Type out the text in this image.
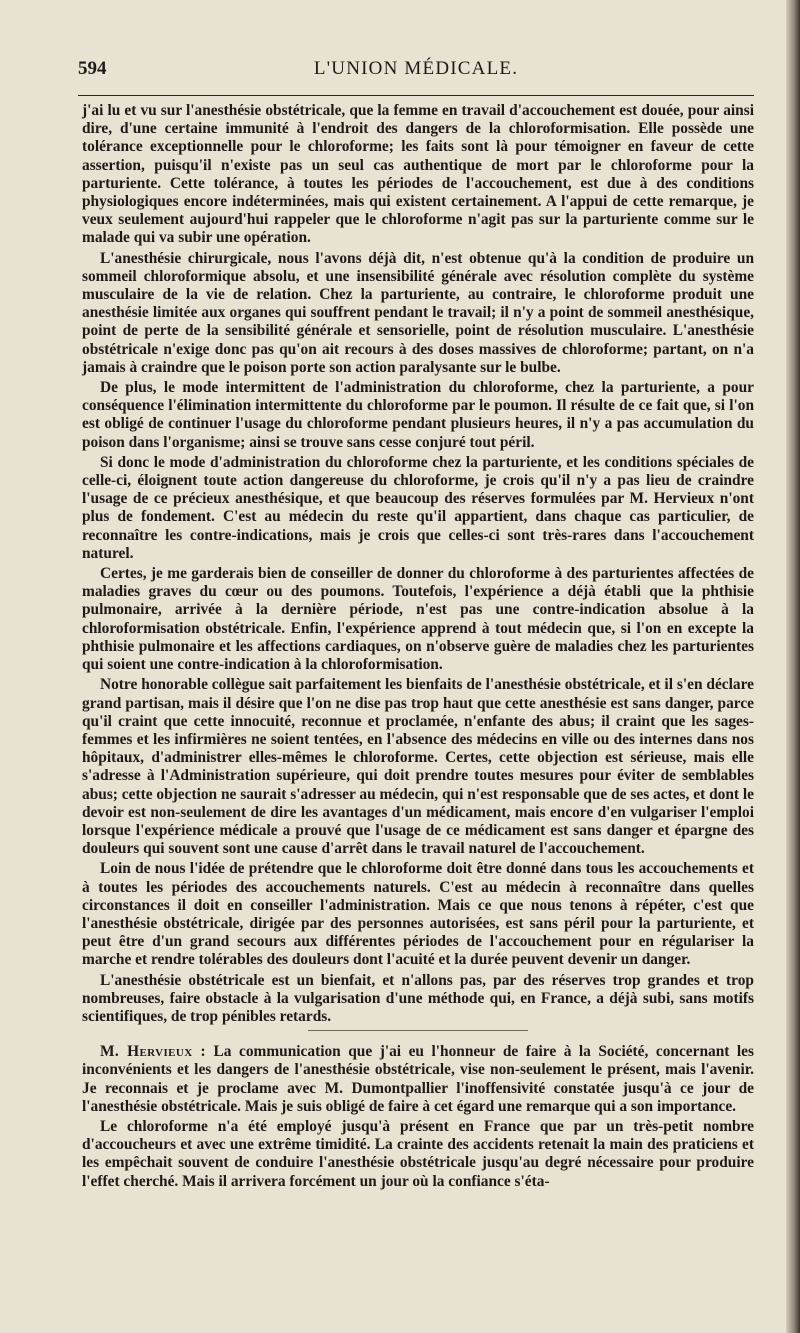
594	L'UNION MÉDICALE.

j'ai lu et vu sur l'anesthésie obstétricale, que la femme en travail d'accouchement est douée, pour ainsi dire, d'une certaine immunité à l'endroit des dangers de la chloroformisation. Elle possède une tolérance exceptionnelle pour le chloroforme; les faits sont là pour témoigner en faveur de cette assertion, puisqu'il n'existe pas un seul cas authentique de mort par le chloroforme pour la parturiente. Cette tolérance, à toutes les périodes de l'accouchement, est due à des conditions physiologiques encore indéterminées, mais qui existent certainement. A l'appui de cette remarque, je veux seulement aujourd'hui rappeler que le chloroforme n'agit pas sur la parturiente comme sur le malade qui va subir une opération.

L'anesthésie chirurgicale, nous l'avons déjà dit, n'est obtenue qu'à la condition de produire un sommeil chloroformique absolu, et une insensibilité générale avec résolution complète du système musculaire de la vie de relation. Chez la parturiente, au contraire, le chloroforme produit une anesthésie limitée aux organes qui souffrent pendant le travail; il n'y a point de sommeil anesthésique, point de perte de la sensibilité générale et sensorielle, point de résolution musculaire. L'anesthésie obstétricale n'exige donc pas qu'on ait recours à des doses massives de chloroforme; partant, on n'a jamais à craindre que le poison porte son action paralysante sur le bulbe.

De plus, le mode intermittent de l'administration du chloroforme, chez la parturiente, a pour conséquence l'élimination intermittente du chloroforme par le poumon. Il résulte de ce fait que, si l'on est obligé de continuer l'usage du chloroforme pendant plusieurs heures, il n'y a pas accumulation du poison dans l'organisme; ainsi se trouve sans cesse conjuré tout péril.

Si donc le mode d'administration du chloroforme chez la parturiente, et les conditions spéciales de celle-ci, éloignent toute action dangereuse du chloroforme, je crois qu'il n'y a pas lieu de craindre l'usage de ce précieux anesthésique, et que beaucoup des réserves formulées par M. Hervieux n'ont plus de fondement. C'est au médecin du reste qu'il appartient, dans chaque cas particulier, de reconnaître les contre-indications, mais je crois que celles-ci sont très-rares dans l'accouchement naturel.

Certes, je me garderais bien de conseiller de donner du chloroforme à des parturientes affectées de maladies graves du cœur ou des poumons. Toutefois, l'expérience a déjà établi que la phthisie pulmonaire, arrivée à la dernière période, n'est pas une contre-indication absolue à la chloroformisation obstétricale. Enfin, l'expérience apprend à tout médecin que, si l'on en excepte la phthisie pulmonaire et les affections cardiaques, on n'observe guère de maladies chez les parturientes qui soient une contre-indication à la chloroformisation.

Notre honorable collègue sait parfaitement les bienfaits de l'anesthésie obstétricale, et il s'en déclare grand partisan, mais il désire que l'on ne dise pas trop haut que cette anesthésie est sans danger, parce qu'il craint que cette innocuité, reconnue et proclamée, n'enfante des abus; il craint que les sages-femmes et les infirmières ne soient tentées, en l'absence des médecins en ville ou des internes dans nos hôpitaux, d'administrer elles-mêmes le chloroforme. Certes, cette objection est sérieuse, mais elle s'adresse à l'Administration supérieure, qui doit prendre toutes mesures pour éviter de semblables abus; cette objection ne saurait s'adresser au médecin, qui n'est responsable que de ses actes, et dont le devoir est non-seulement de dire les avantages d'un médicament, mais encore d'en vulgariser l'emploi lorsque l'expérience médicale a prouvé que l'usage de ce médicament est sans danger et épargne des douleurs qui souvent sont une cause d'arrêt dans le travail naturel de l'accouchement.

Loin de nous l'idée de prétendre que le chloroforme doit être donné dans tous les accouchements et à toutes les périodes des accouchements naturels. C'est au médecin à reconnaître dans quelles circonstances il doit en conseiller l'administration. Mais ce que nous tenons à répéter, c'est que l'anesthésie obstétricale, dirigée par des personnes autorisées, est sans péril pour la parturiente, et peut être d'un grand secours aux différentes périodes de l'accouchement pour en régulariser la marche et rendre tolérables des douleurs dont l'acuité et la durée peuvent devenir un danger.

L'anesthésie obstétricale est un bienfait, et n'allons pas, par des réserves trop grandes et trop nombreuses, faire obstacle à la vulgarisation d'une méthode qui, en France, a déjà subi, sans motifs scientifiques, de trop pénibles retards.

M. Hervieux : La communication que j'ai eu l'honneur de faire à la Société, concernant les inconvénients et les dangers de l'anesthésie obstétricale, vise non-seulement le présent, mais l'avenir. Je reconnais et je proclame avec M. Dumontpallier l'inoffensivité constatée jusqu'à ce jour de l'anesthésie obstétricale. Mais je suis obligé de faire à cet égard une remarque qui a son importance.

Le chloroforme n'a été employé jusqu'à présent en France que par un très-petit nombre d'accoucheurs et avec une extrême timidité. La crainte des accidents retenait la main des praticiens et les empêchait souvent de conduire l'anesthésie obstétricale jusqu'au degré nécessaire pour produire l'effet cherché. Mais il arrivera forcément un jour où la confiance s'éta-
